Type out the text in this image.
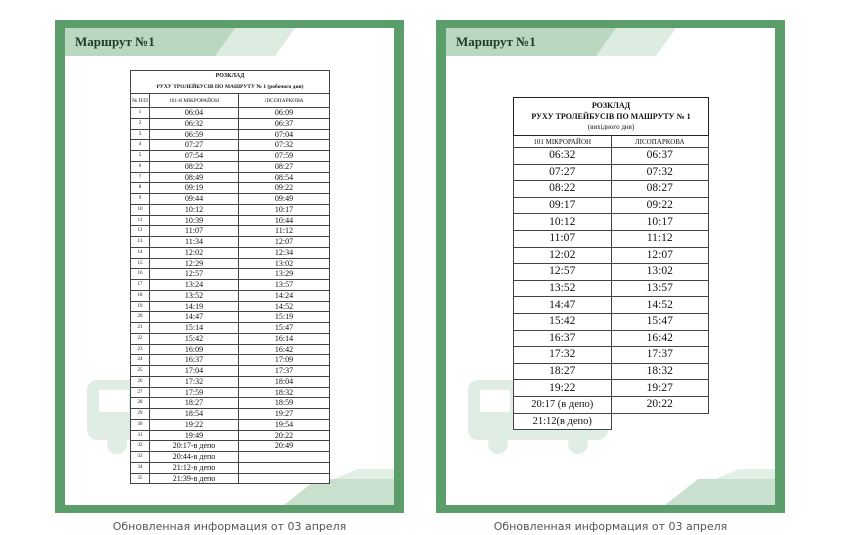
Маршрут №1
РОЗКЛАД		
РУХУ ТРОЛЕЙБУСІВ ПО МАШРУТУ № 1 (робочого дня)		
№ П/П	101-й МІКРОРАЙОН	ЛІСОПАРКОВА
1	06:04	06:09
2	06:32	06:37
3	06:59	07:04
4	07:27	07:32
5	07:54	07:59
6	08:22	08:27
7	08:49	08:54
8	09:19	09:22
9	09:44	09:49
10	10:12	10:17
11	10:39	10:44
12	11:07	11:12
13	11:34	12:07
14	12:02	12:34
15	12:29	13:02
16	12:57	13:29
17	13:24	13:57
18	13:52	14:24
19	14:19	14:52
20	14:47	15:19
21	15:14	15:47
22	15:42	16:14
23	16:09	16:42
24	16:37	17:09
25	17:04	17:37
26	17:32	18:04
27	17:59	18:32
28	18:27	18:59
29	18:54	19:27
30	19:22	19:54
31	19:49	20:22
32	20:17-в депо	20:49
33	20:44-в депо	
34	21:12-в депо	
35	21:39-в депо	
Обновленная информация от 03 апреля
Маршрут №1
РОЗКЛАД
РУХУ ТРОЛЕЙБУСІВ ПО МАШРУТУ № 1
(вихідного дня)	

101 МІКРОРАЙОН	ЛІСОПАРКОВА
06:32	06:37
07:27	07:32
08:22	08:27
09:17	09:22
10:12	10:17
11:07	11:12
12:02	12:07
12:57	13:02
13:52	13:57
14:47	14:52
15:42	15:47
16:37	16:42
17:32	17:37
18:27	18:32
19:22	19:27
20:17 (в депо)	20:22
21:12(в депо)	
Обновленная информация от 03 апреля
